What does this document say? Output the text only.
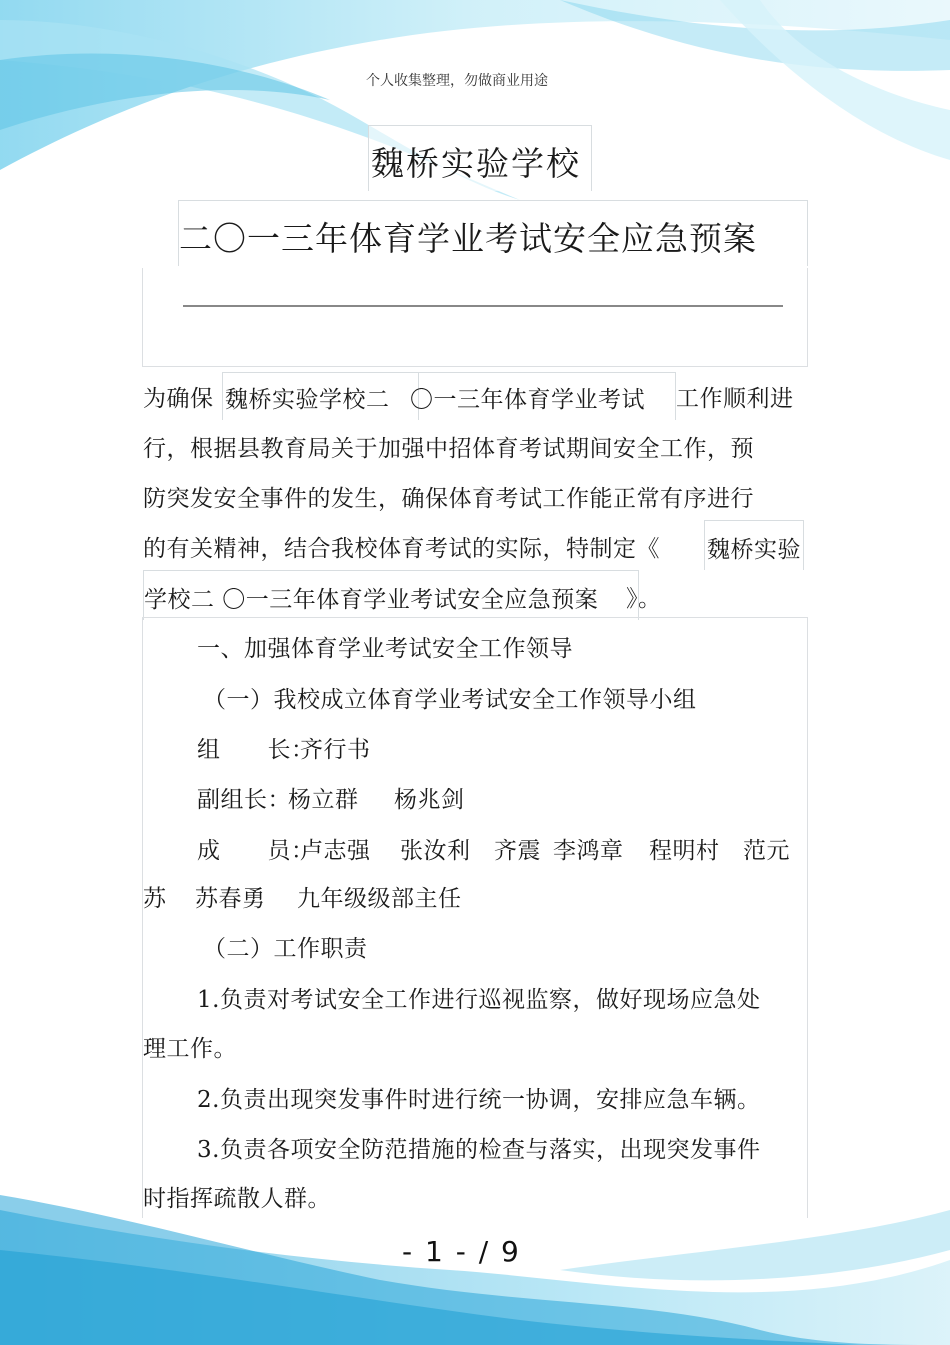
个人收集整理，勿做商业用途
魏桥实验学校
二〇一三年体育学业考试安全应急预案
为确保 魏桥实验学校二 〇一三年体育学业考试	工作顺利进
行，根据县教育局关于加强中招体育考试期间安全工作，预
防突发安全事件的发生，确保体育考试工作能正常有序进行
的有关精神，结合我校体育考试的实际，特制定《 魏桥实验
学校二 〇一三年体育学业考试安全应急预案	》。
一、加强体育学业考试安全工作领导
（一）我校成立体育学业考试安全工作领导小组
组　　长：
齐行书
副组长：
杨立群 杨兆剑
成　　员：
卢志强 张汝利 齐震 李鸿章 程明村 范元
苏 苏春勇 九年级级部主任
（二）工作职责
1.负责对考试安全工作进行巡视监察，做好现场应急处
理工作。
2.负责出现突发事件时进行统一协调，安排应急车辆。
3.负责各项安全防范措施的检查与落实，出现突发事件
时指挥疏散人群。
- 1 - / 9
